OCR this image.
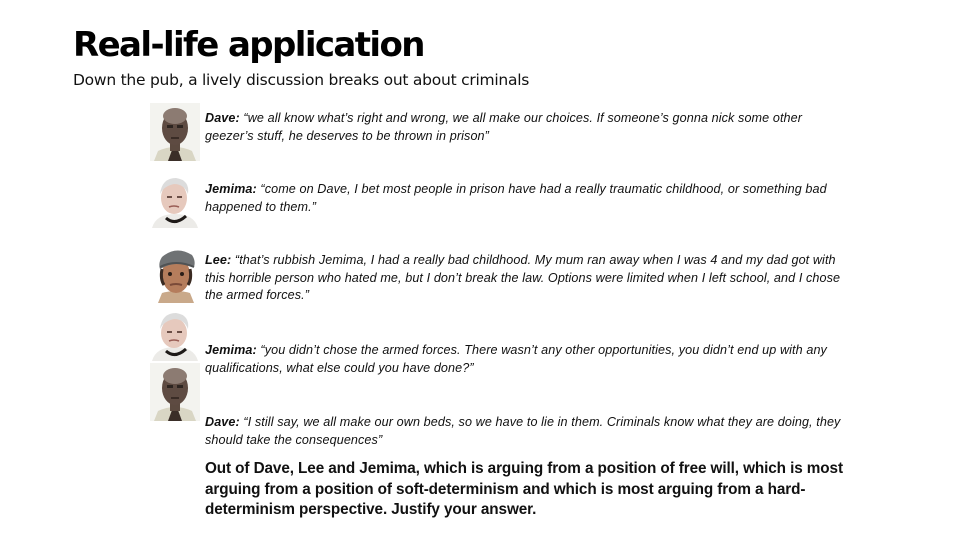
Real-life application
Down the pub, a lively discussion breaks out about criminals
Dave: “we all know what’s right and wrong, we all make our choices. If someone’s gonna nick some other geezer’s stuff, he deserves to be thrown in prison”
Jemima: “come on Dave, I bet most people in prison have had a really traumatic childhood, or something bad happened to them.”
Lee: “that’s rubbish Jemima, I had a really bad childhood. My mum ran away when I was 4 and my dad got with this horrible person who hated me, but I don’t break the law. Options were limited when I left school, and I chose the armed forces.”
Jemima: “you didn’t chose the armed forces. There wasn’t any other opportunities, you didn’t end up with any qualifications, what else could you have done?”
Dave: “I still say, we all make our own beds, so we have to lie in them. Criminals know what they are doing, they should take the consequences”
Out of Dave, Lee and Jemima, which is arguing from a position of free will, which is most arguing from a position of soft-determinism and which is most arguing from a hard-determinism perspective. Justify your answer.
